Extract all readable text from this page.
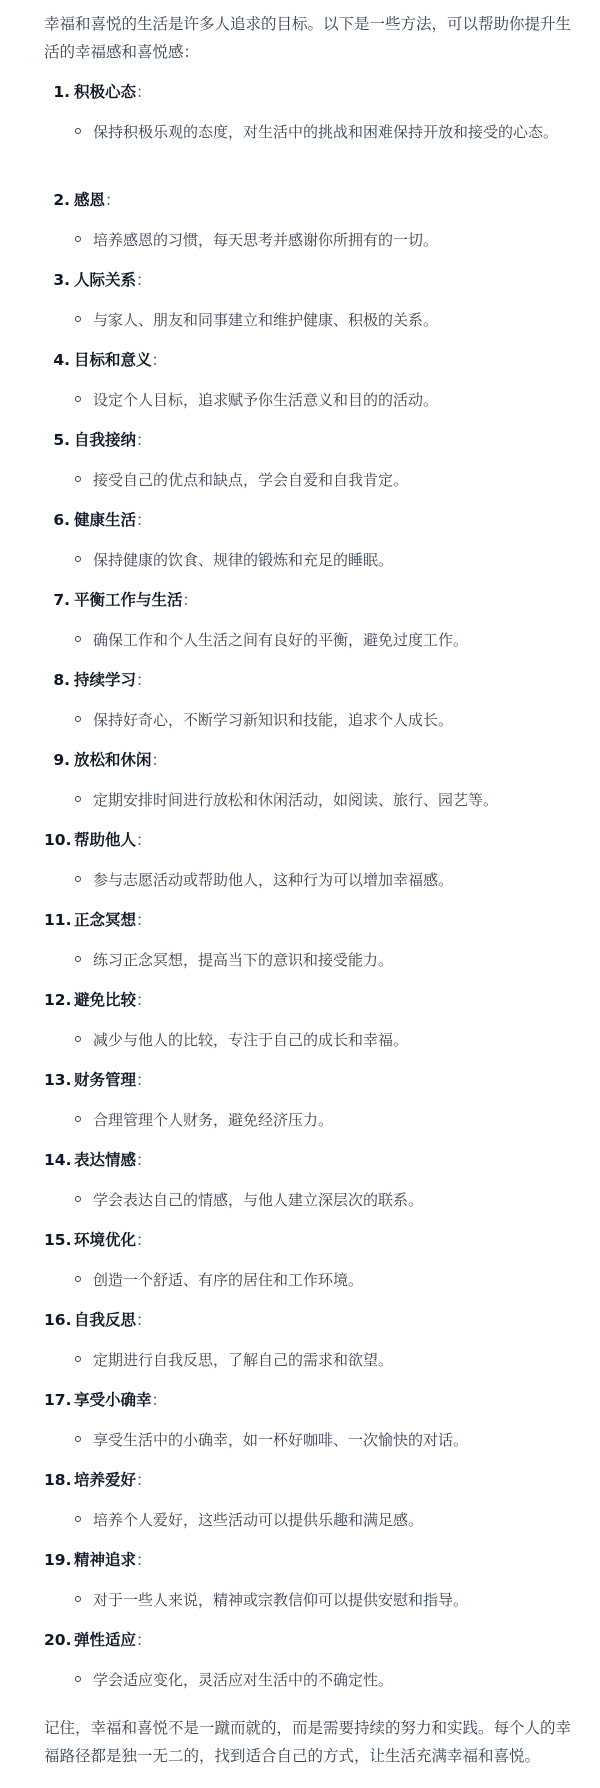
幸福和喜悦的生活是许多人追求的目标。以下是一些方法，可以帮助你提升生活的幸福感和喜悦感：

1. 积极心态：
保持积极乐观的态度，对生活中的挑战和困难保持开放和接受的心态。
2. 感恩：
培养感恩的习惯，每天思考并感谢你所拥有的一切。
3. 人际关系：
与家人、朋友和同事建立和维护健康、积极的关系。
4. 目标和意义：
设定个人目标，追求赋予你生活意义和目的的活动。
5. 自我接纳：
接受自己的优点和缺点，学会自爱和自我肯定。
6. 健康生活：
保持健康的饮食、规律的锻炼和充足的睡眠。
7. 平衡工作与生活：
确保工作和个人生活之间有良好的平衡，避免过度工作。
8. 持续学习：
保持好奇心，不断学习新知识和技能，追求个人成长。
9. 放松和休闲：
定期安排时间进行放松和休闲活动，如阅读、旅行、园艺等。
10. 帮助他人：
参与志愿活动或帮助他人，这种行为可以增加幸福感。
11. 正念冥想：
练习正念冥想，提高当下的意识和接受能力。
12. 避免比较：
减少与他人的比较，专注于自己的成长和幸福。
13. 财务管理：
合理管理个人财务，避免经济压力。
14. 表达情感：
学会表达自己的情感，与他人建立深层次的联系。
15. 环境优化：
创造一个舒适、有序的居住和工作环境。
16. 自我反思：
定期进行自我反思，了解自己的需求和欲望。
17. 享受小确幸：
享受生活中的小确幸，如一杯好咖啡、一次愉快的对话。
18. 培养爱好：
培养个人爱好，这些活动可以提供乐趣和满足感。
19. 精神追求：
对于一些人来说，精神或宗教信仰可以提供安慰和指导。
20. 弹性适应：
学会适应变化，灵活应对生活中的不确定性。

记住，幸福和喜悦不是一蹴而就的，而是需要持续的努力和实践。每个人的幸福路径都是独一无二的，找到适合自己的方式，让生活充满幸福和喜悦。
